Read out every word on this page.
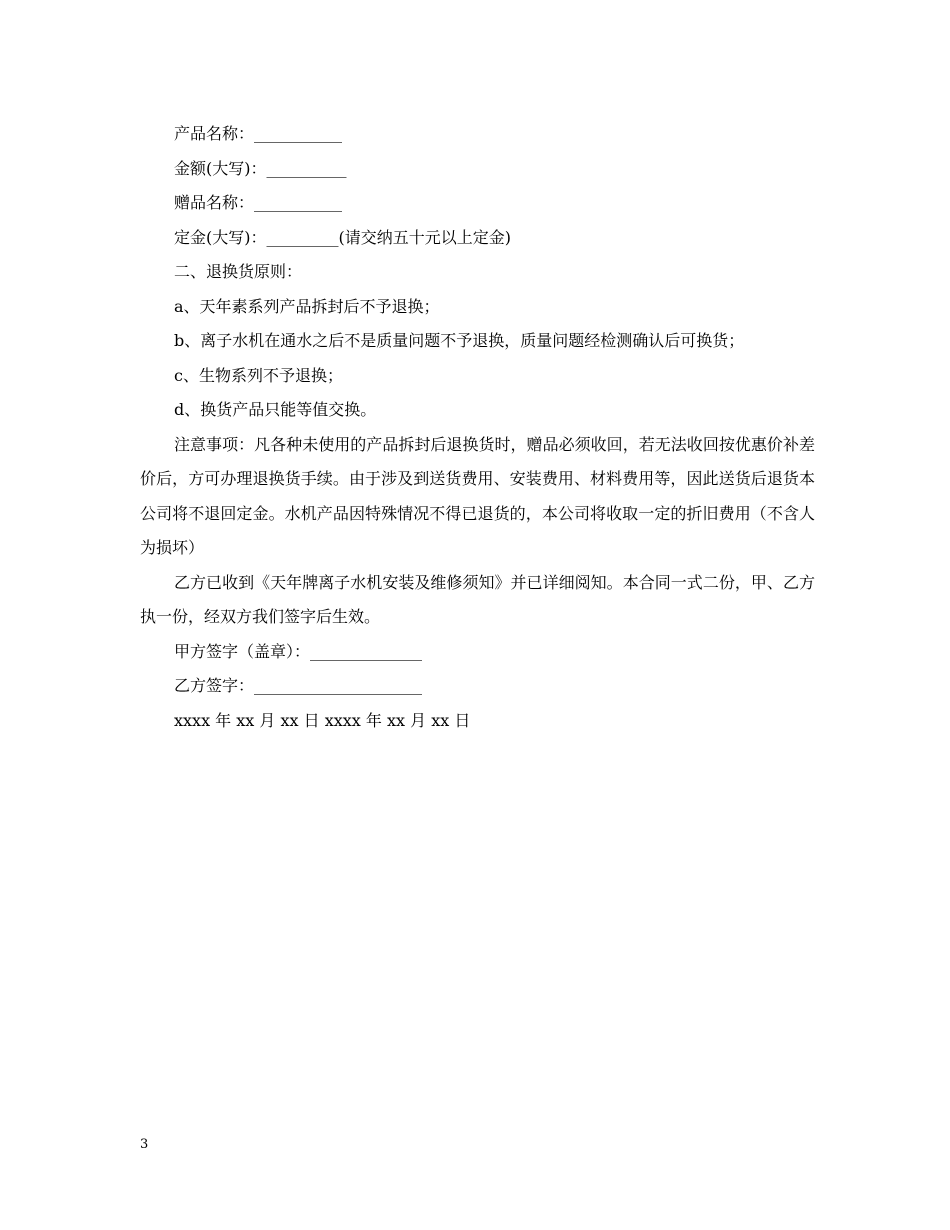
产品名称：___________

金额(大写)：__________

赠品名称：___________

定金(大写)：_________(请交纳五十元以上定金)

二、退换货原则：

a、天年素系列产品拆封后不予退换；

b、离子水机在通水之后不是质量问题不予退换，质量问题经检测确认后可换货；

c、生物系列不予退换；

d、换货产品只能等值交换。

注意事项：凡各种未使用的产品拆封后退换货时，赠品必须收回，若无法收回按优惠价补差价后，方可办理退换货手续。由于涉及到送货费用、安装费用、材料费用等，因此送货后退货本公司将不退回定金。水机产品因特殊情况不得已退货的，本公司将收取一定的折旧费用（不含人为损坏）

乙方已收到《天年牌离子水机安装及维修须知》并已详细阅知。本合同一式二份，甲、乙方执一份，经双方我们签字后生效。

甲方签字（盖章）：______________

乙方签字：_____________________

xxxx 年 xx 月 xx 日 xxxx 年 xx 月 xx 日

3
